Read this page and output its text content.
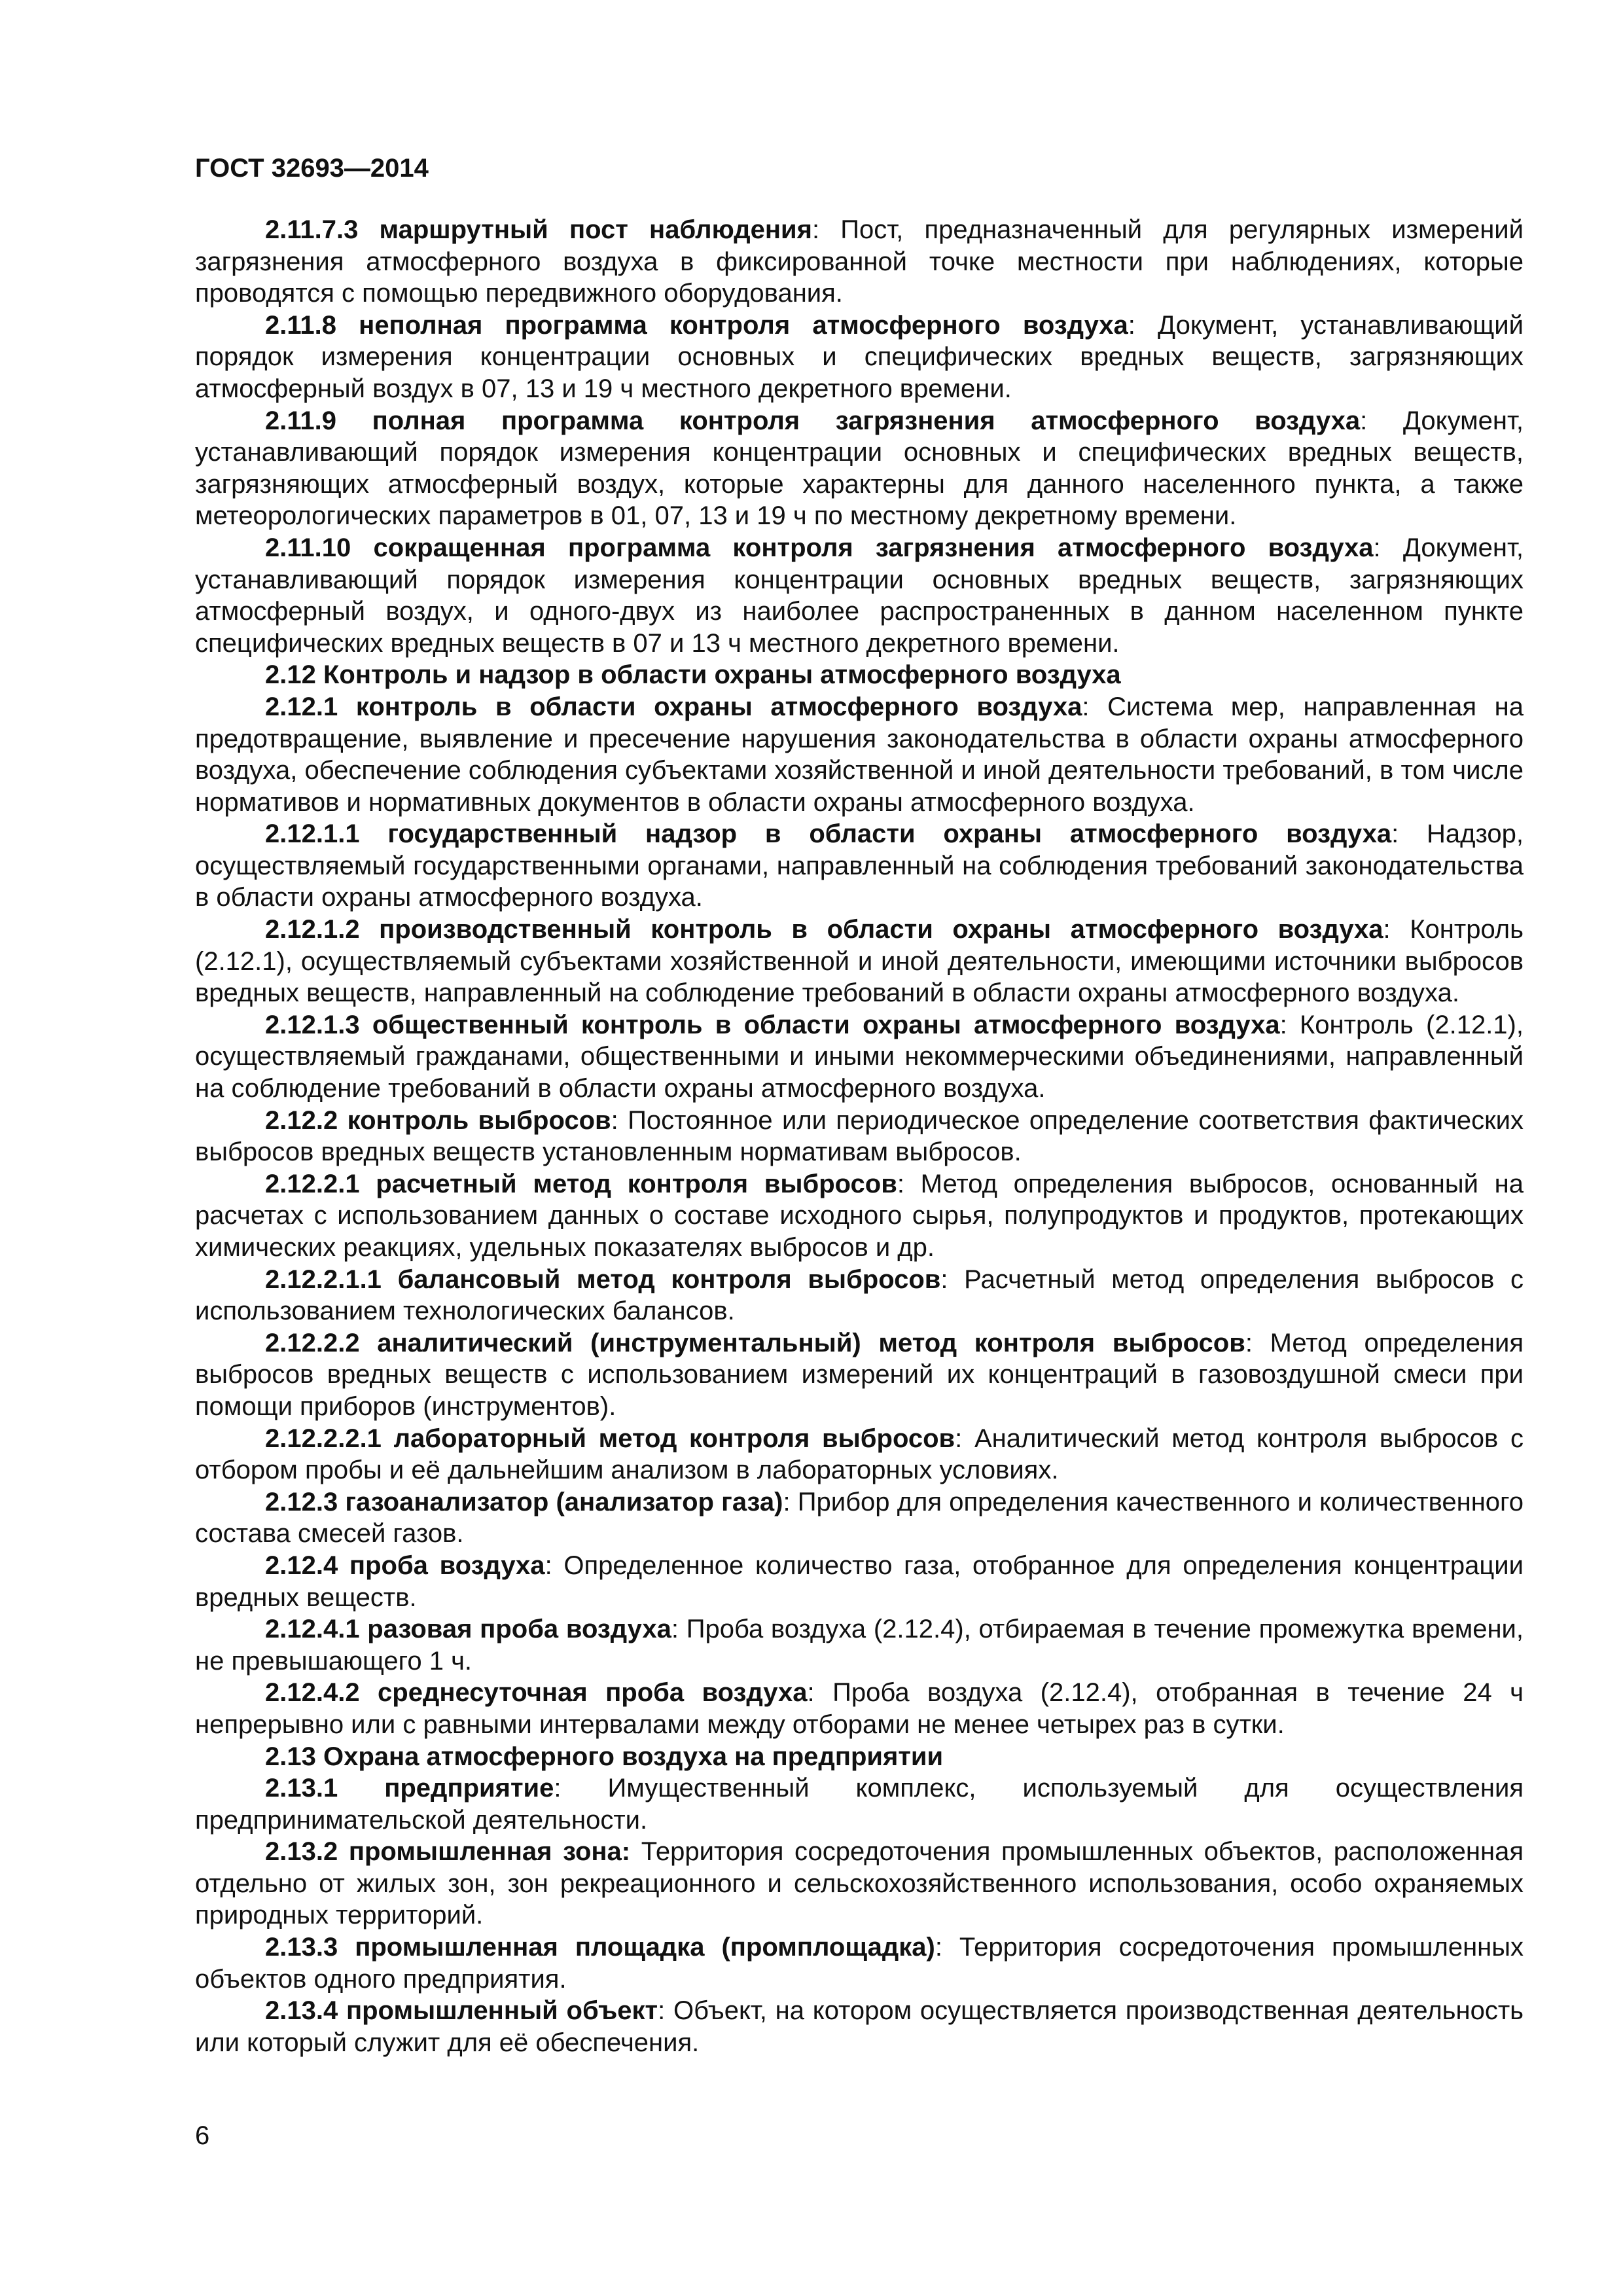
ГОСТ 32693—2014

2.11.7.3 маршрутный пост наблюдения: Пост, предназначенный для регулярных измерений загрязнения атмосферного воздуха в фиксированной точке местности при наблюдениях, которые проводятся с помощью передвижного оборудования.

2.11.8 неполная программа контроля атмосферного воздуха: Документ, устанавливающий порядок измерения концентрации основных и специфических вредных веществ, загрязняющих атмосферный воздух в 07, 13 и 19 ч местного декретного времени.

2.11.9 полная программа контроля загрязнения атмосферного воздуха: Документ, устанавливающий порядок измерения концентрации основных и специфических вредных веществ, загрязняющих атмосферный воздух, которые характерны для данного населенного пункта, а также метеорологических параметров в 01, 07, 13 и 19 ч по местному декретному времени.

2.11.10 сокращенная программа контроля загрязнения атмосферного воздуха: Документ, устанавливающий порядок измерения концентрации основных вредных веществ, загрязняющих атмосферный воздух, и одного-двух из наиболее распространенных в данном населенном пункте специфических вредных веществ в 07 и 13 ч местного декретного времени.

2.12 Контроль и надзор в области охраны атмосферного воздуха

2.12.1 контроль в области охраны атмосферного воздуха: Система мер, направленная на предотвращение, выявление и пресечение нарушения законодательства в области охраны атмосферного воздуха, обеспечение соблюдения субъектами хозяйственной и иной деятельности требований, в том числе нормативов и нормативных документов в области охраны атмосферного воздуха.

2.12.1.1 государственный надзор в области охраны атмосферного воздуха: Надзор, осуществляемый государственными органами, направленный на соблюдения требований законодательства в области охраны атмосферного воздуха.

2.12.1.2 производственный контроль в области охраны атмосферного воздуха: Контроль (2.12.1), осуществляемый субъектами хозяйственной и иной деятельности, имеющими источники выбросов вредных веществ, направленный на соблюдение требований в области охраны атмосферного воздуха.

2.12.1.3 общественный контроль в области охраны атмосферного воздуха: Контроль (2.12.1), осуществляемый гражданами, общественными и иными некоммерческими объединениями, направленный на соблюдение требований в области охраны атмосферного воздуха.

2.12.2 контроль выбросов: Постоянное или периодическое определение соответствия фактических выбросов вредных веществ установленным нормативам выбросов.

2.12.2.1 расчетный метод контроля выбросов: Метод определения выбросов, основанный на расчетах с использованием данных о составе исходного сырья, полупродуктов и продуктов, протекающих химических реакциях, удельных показателях выбросов и др.

2.12.2.1.1 балансовый метод контроля выбросов: Расчетный метод определения выбросов с использованием технологических балансов.

2.12.2.2 аналитический (инструментальный) метод контроля выбросов: Метод определения выбросов вредных веществ с использованием измерений их концентраций в газовоздушной смеси при помощи приборов (инструментов).

2.12.2.2.1 лабораторный метод контроля выбросов: Аналитический метод контроля выбросов с отбором пробы и её дальнейшим анализом в лабораторных условиях.

2.12.3 газоанализатор (анализатор газа): Прибор для определения качественного и количественного состава смесей газов.

2.12.4 проба воздуха: Определенное количество газа, отобранное для определения концентрации вредных веществ.

2.12.4.1 разовая проба воздуха: Проба воздуха (2.12.4), отбираемая в течение промежутка времени, не превышающего 1 ч.

2.12.4.2 среднесуточная проба воздуха: Проба воздуха (2.12.4), отобранная в течение 24 ч непрерывно или с равными интервалами между отборами не менее четырех раз в сутки.

2.13 Охрана атмосферного воздуха на предприятии

2.13.1 предприятие: Имущественный комплекс, используемый для осуществления предпринимательской деятельности.

2.13.2 промышленная зона: Территория сосредоточения промышленных объектов, расположенная отдельно от жилых зон, зон рекреационного и сельскохозяйственного использования, особо охраняемых природных территорий.

2.13.3 промышленная площадка (промплощадка): Территория сосредоточения промышленных объектов одного предприятия.

2.13.4 промышленный объект: Объект, на котором осуществляется производственная деятельность или который служит для её обеспечения.

6
